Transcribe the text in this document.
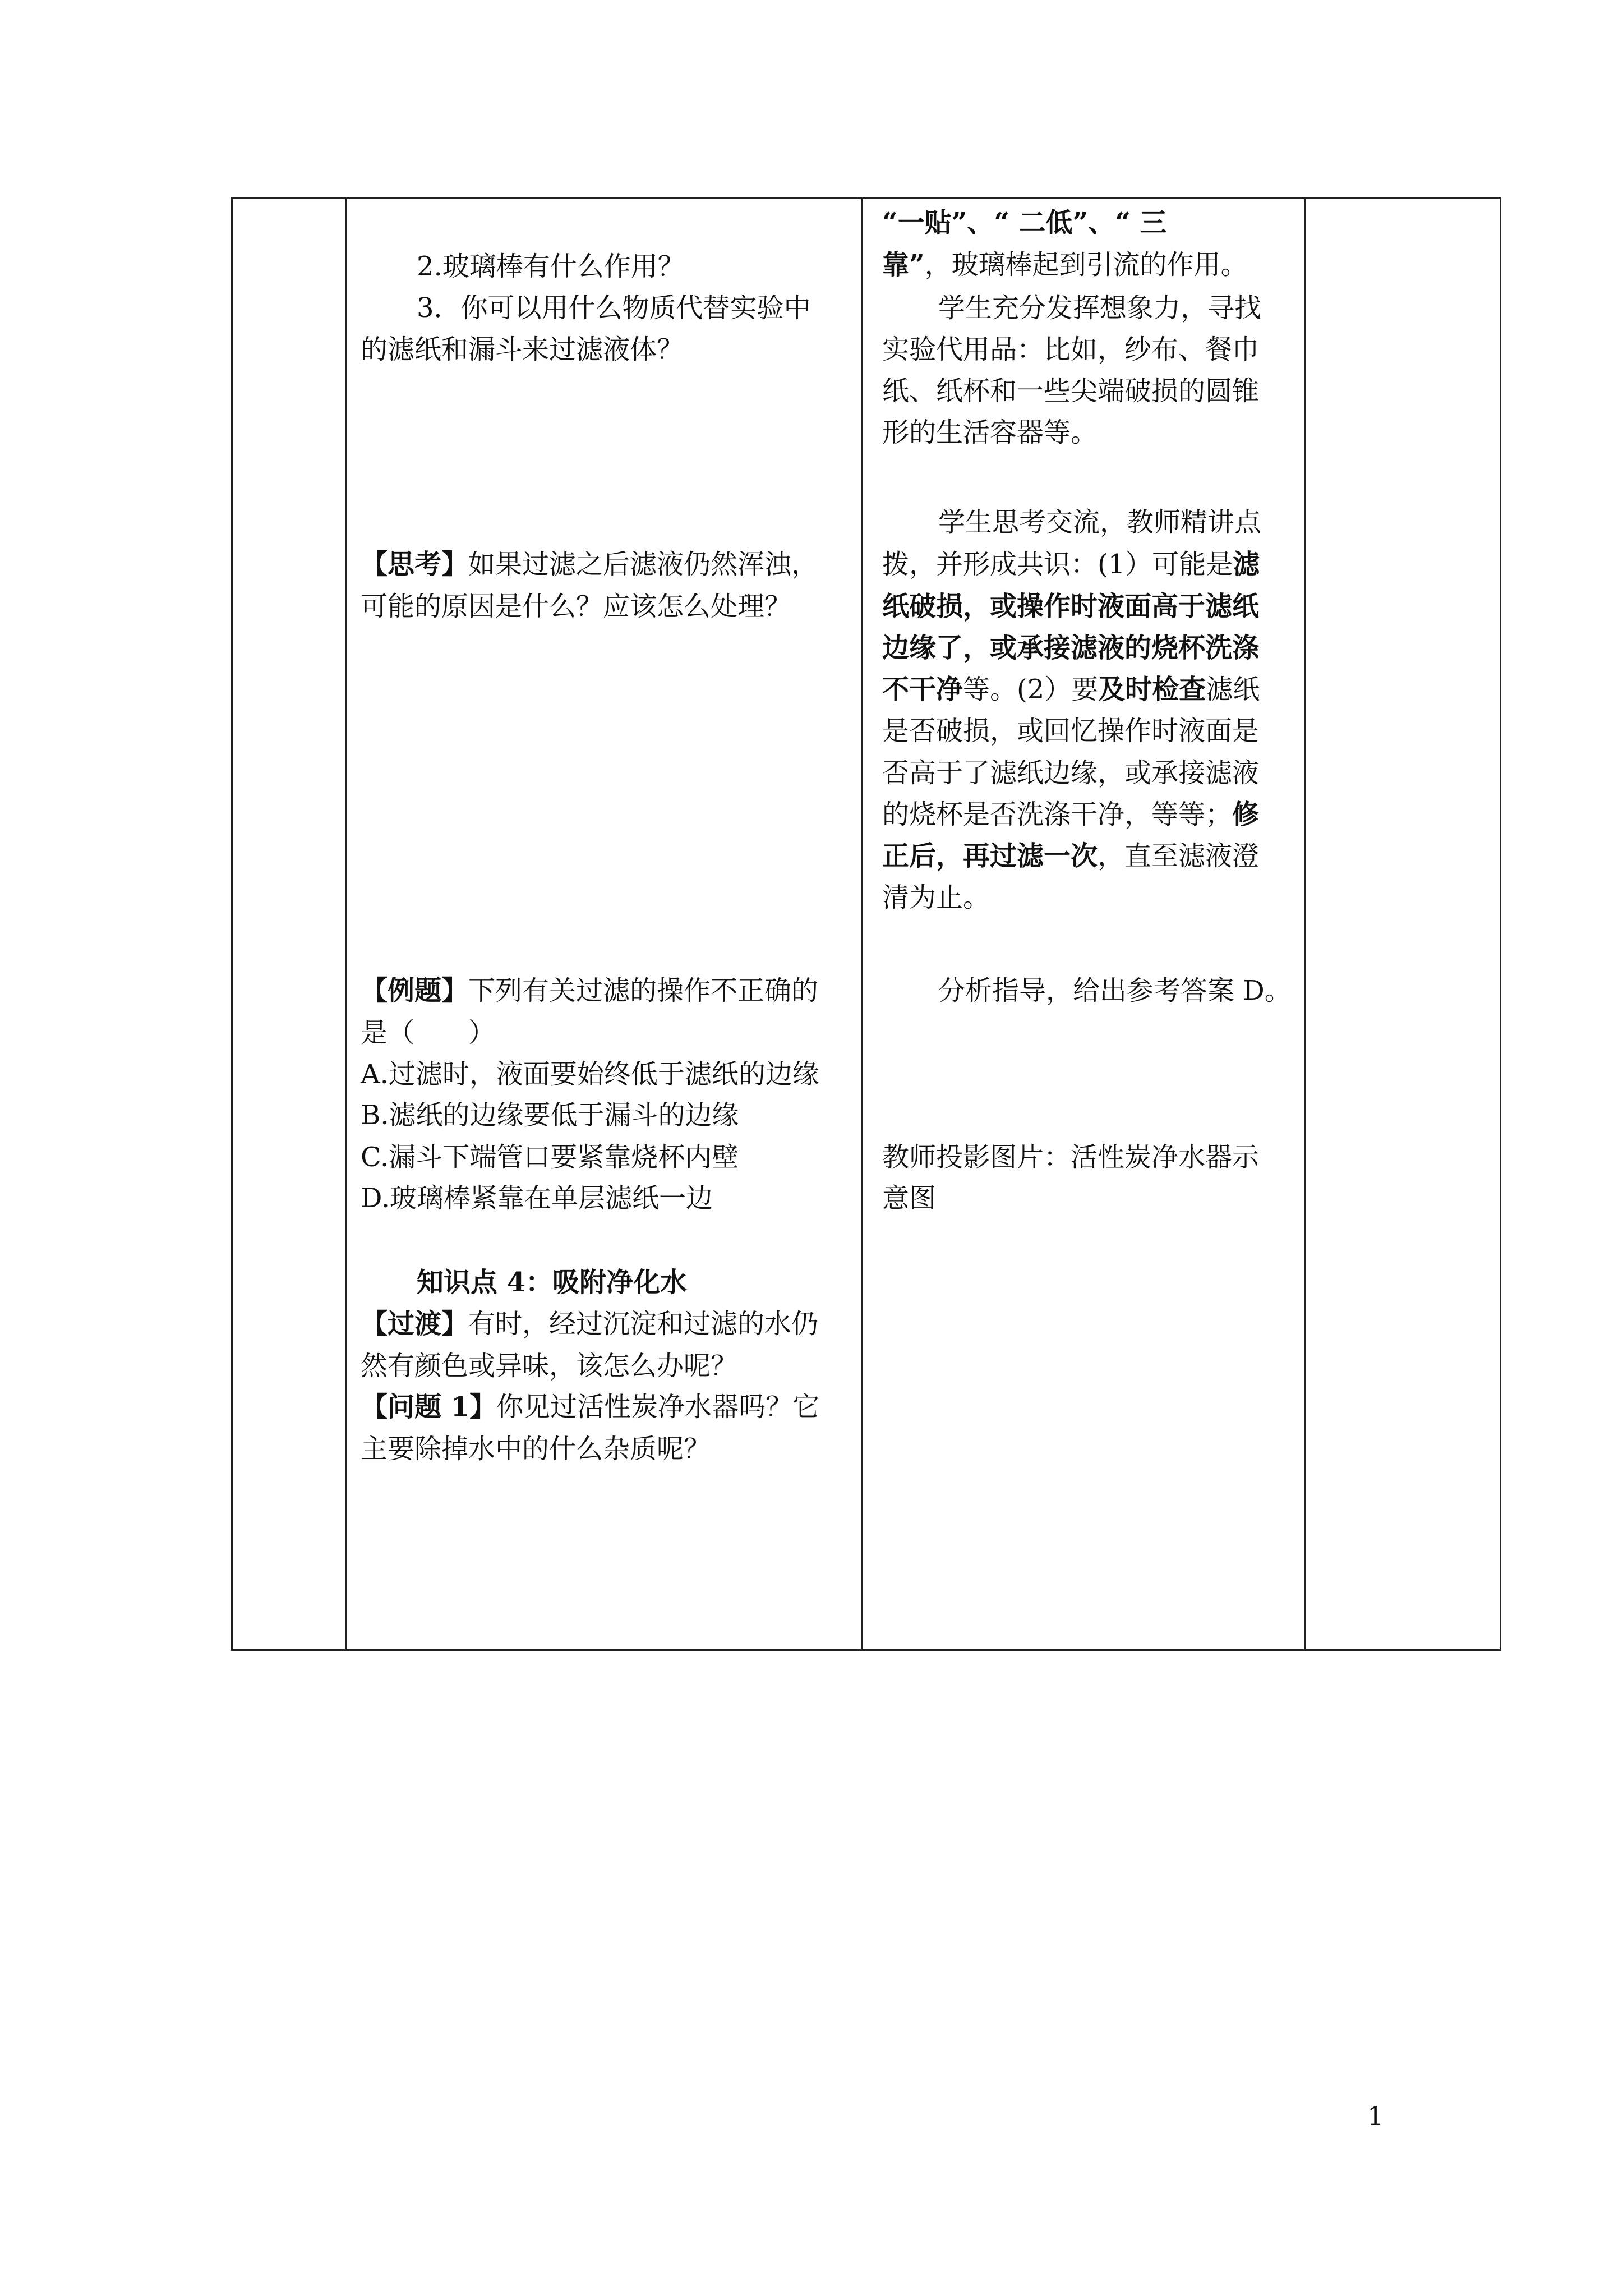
2.玻璃棒有什么作用？
3．你可以用什么物质代替实验中
的滤纸和漏斗来过滤液体？
【思考】如果过滤之后滤液仍然浑浊，
可能的原因是什么？应该怎么处理？
【例题】下列有关过滤的操作不正确的
是（　　）
A.过滤时，液面要始终低于滤纸的边缘
B.滤纸的边缘要低于漏斗的边缘
C.漏斗下端管口要紧靠烧杯内壁
D.玻璃棒紧靠在单层滤纸一边
知识点 4：吸附净化水
【过渡】有时，经过沉淀和过滤的水仍
然有颜色或异味，该怎么办呢？
【问题 1】你见过活性炭净水器吗？它
主要除掉水中的什么杂质呢？
“一贴”、“ 二低”、“ 三
靠”，玻璃棒起到引流的作用。
学生充分发挥想象力，寻找
实验代用品：比如，纱布、餐巾
纸、纸杯和一些尖端破损的圆锥
形的生活容器等。
学生思考交流，教师精讲点
拨，并形成共识：(1）可能是滤
纸破损，或操作时液面高于滤纸
边缘了，或承接滤液的烧杯洗涤
不干净等。(2）要及时检查滤纸
是否破损，或回忆操作时液面是
否高于了滤纸边缘，或承接滤液
的烧杯是否洗涤干净，等等；修
正后，再过滤一次，直至滤液澄
清为止。
分析指导，给出参考答案 D。
教师投影图片：活性炭净水器示
意图
1
